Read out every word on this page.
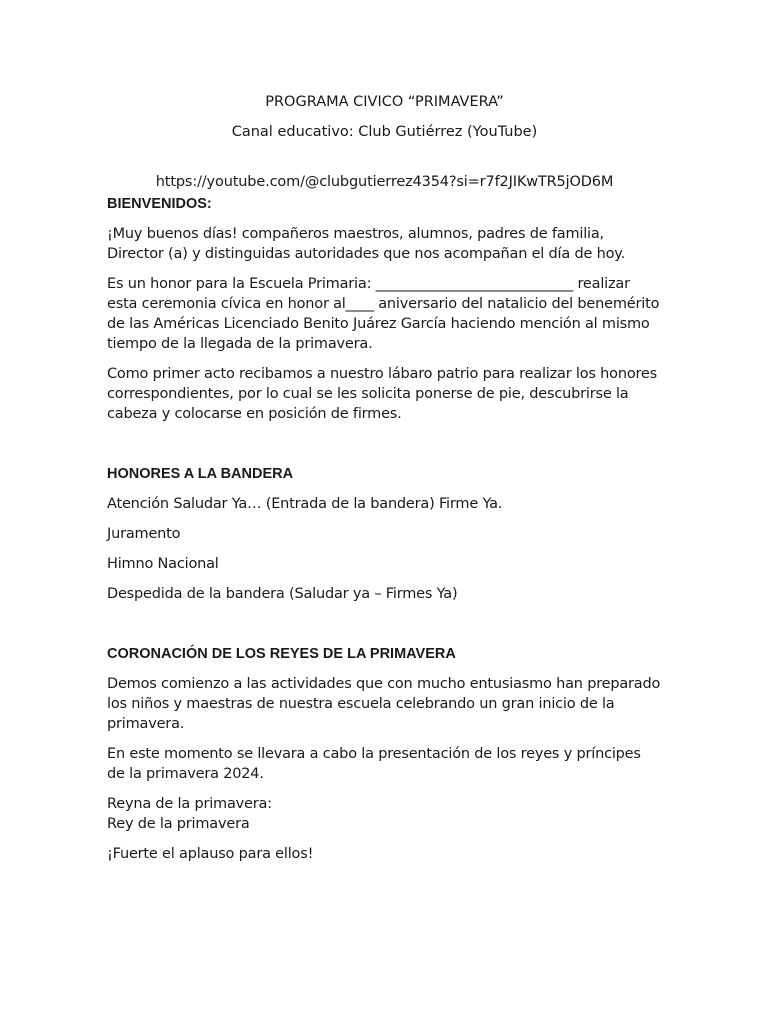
PROGRAMA CIVICO “PRIMAVERA”

Canal educativo: Club Gutiérrez (YouTube)

https://youtube.com/@clubgutierrez4354?si=r7f2JIKwTR5jOD6M

BIENVENIDOS:

¡Muy buenos días! compañeros maestros, alumnos, padres de familia, Director (a) y distinguidas autoridades que nos acompañan el día de hoy.

Es un honor para la Escuela Primaria: ____________________________ realizar esta ceremonia cívica en honor al____ aniversario del natalicio del benemérito de las Américas Licenciado Benito Juárez García haciendo mención al mismo tiempo de la llegada de la primavera.

Como primer acto recibamos a nuestro lábaro patrio para realizar los honores correspondientes, por lo cual se les solicita ponerse de pie, descubrirse la cabeza y colocarse en posición de firmes.

HONORES A LA BANDERA

Atención Saludar Ya… (Entrada de la bandera) Firme Ya.

Juramento

Himno Nacional

Despedida de la bandera (Saludar ya – Firmes Ya)

CORONACIÓN DE LOS REYES DE LA PRIMAVERA

Demos comienzo a las actividades que con mucho entusiasmo han preparado los niños y maestras de nuestra escuela celebrando un gran inicio de la primavera.

En este momento se llevara a cabo la presentación de los reyes y príncipes de la primavera 2024.

Reyna de la primavera:
Rey de la primavera

¡Fuerte el aplauso para ellos!
